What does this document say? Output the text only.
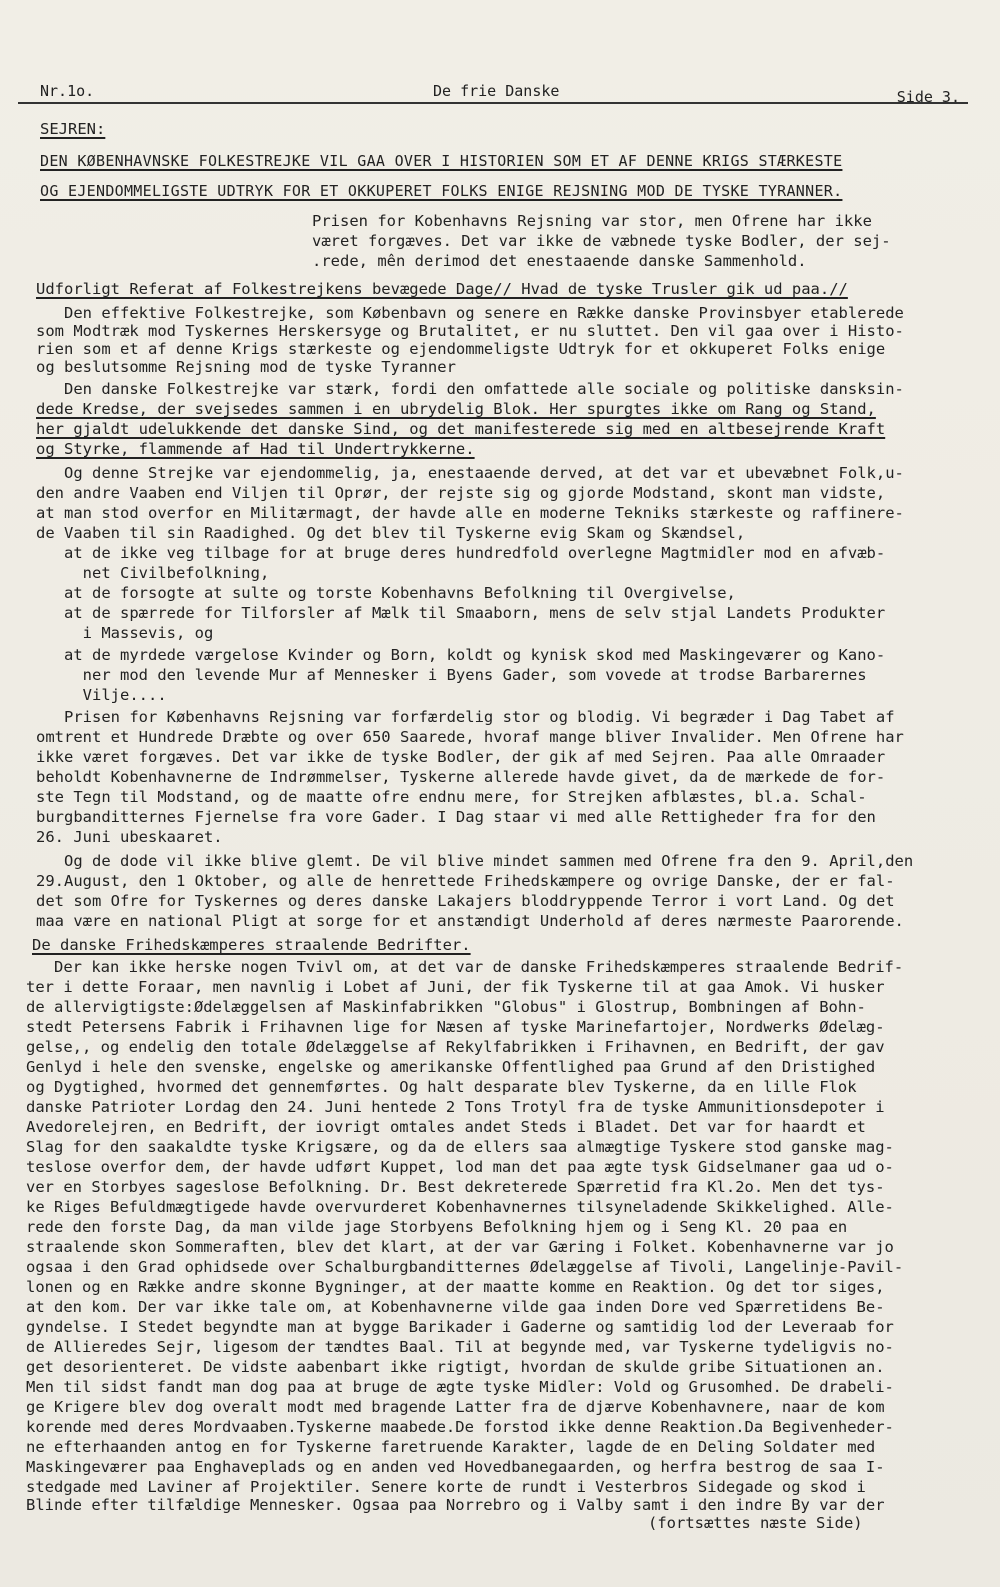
Nr.1o.	De frie Danske	Side 3.
SEJREN:
DEN KØBENHAVNSKE FOLKESTREJKE VIL GAA OVER I HISTORIEN SOM ET AF DENNE KRIGS STÆRKESTE
OG EJENDOMMELIGSTE UDTRYK FOR ET OKKUPERET FOLKS ENIGE REJSNING MOD DE TYSKE TYRANNER.
Prisen for Kobenhavns Rejsning var stor, men Ofrene har ikke
været forgæves. Det var ikke de væbnede tyske Bodler, der sej-
.rede, mên derimod det enestaaende danske Sammenhold.
Udforligt Referat af Folkestrejkens bevægede Dage// Hvad de tyske Trusler gik ud paa.//
Den effektive Folkestrejke, som Købenbavn og senere en Række danske Provinsbyer etablerede
som Modtræk mod Tyskernes Herskersyge og Brutalitet, er nu sluttet. Den vil gaa over i Histo-
rien som et af denne Krigs stærkeste og ejendommeligste Udtryk for et okkuperet Folks enige
og beslutsomme Rejsning mod de tyske Tyranner
Den danske Folkestrejke var stærk, fordi den omfattede alle sociale og politiske dansksin-
dede Kredse, der svejsedes sammen i en ubrydelig Blok. Her spurgtes ikke om Rang og Stand,
her gjaldt udelukkende det danske Sind, og det manifesterede sig med en altbesejrende Kraft
og Styrke, flammende af Had til Undertrykkerne.
Og denne Strejke var ejendommelig, ja, enestaaende derved, at det var et ubevæbnet Folk,u-
den andre Vaaben end Viljen til Oprør, der rejste sig og gjorde Modstand, skont man vidste,
at man stod overfor en Militærmagt, der havde alle en moderne Tekniks stærkeste og raffinere-
de Vaaben til sin Raadighed. Og det blev til Tyskerne evig Skam og Skændsel,
at de ikke veg tilbage for at bruge deres hundredfold overlegne Magtmidler mod en afvæb-
net Civilbefolkning,
at de forsogte at sulte og torste Kobenhavns Befolkning til Overgivelse,
at de spærrede for Tilforsler af Mælk til Smaaborn, mens de selv stjal Landets Produkter
i Massevis, og
at de myrdede værgelose Kvinder og Born, koldt og kynisk skod med Maskingeværer og Kano-
ner mod den levende Mur af Mennesker i Byens Gader, som vovede at trodse Barbarernes
Vilje....
Prisen for Københavns Rejsning var forfærdelig stor og blodig. Vi begræder i Dag Tabet af
omtrent et Hundrede Dræbte og over 650 Saarede, hvoraf mange bliver Invalider. Men Ofrene har
ikke været forgæves. Det var ikke de tyske Bodler, der gik af med Sejren. Paa alle Omraader
beholdt Kobenhavnerne de Indrømmelser, Tyskerne allerede havde givet, da de mærkede de for-
ste Tegn til Modstand, og de maatte ofre endnu mere, for Strejken afblæstes, bl.a. Schal-
burgbanditternes Fjernelse fra vore Gader. I Dag staar vi med alle Rettigheder fra for den
26. Juni ubeskaaret.
Og de dode vil ikke blive glemt. De vil blive mindet sammen med Ofrene fra den 9. April,den
29.August, den 1 Oktober, og alle de henrettede Frihedskæmpere og ovrige Danske, der er fal-
det som Ofre for Tyskernes og deres danske Lakajers bloddryppende Terror i vort Land. Og det
maa være en national Pligt at sorge for et anstændigt Underhold af deres nærmeste Paarorende.
De danske Frihedskæmperes straalende Bedrifter.
Der kan ikke herske nogen Tvivl om, at det var de danske Frihedskæmperes straalende Bedrif-
ter i dette Foraar, men navnlig i Lobet af Juni, der fik Tyskerne til at gaa Amok. Vi husker
de allervigtigste:Ødelæggelsen af Maskinfabrikken "Globus" i Glostrup, Bombningen af Bohn-
stedt Petersens Fabrik i Frihavnen lige for Næsen af tyske Marinefartojer, Nordwerks Ødelæg-
gelse,, og endelig den totale Ødelæggelse af Rekylfabrikken i Frihavnen, en Bedrift, der gav
Genlyd i hele den svenske, engelske og amerikanske Offentlighed paa Grund af den Dristighed
og Dygtighed, hvormed det gennemførtes. Og halt desparate blev Tyskerne, da en lille Flok
danske Patrioter Lordag den 24. Juni hentede 2 Tons Trotyl fra de tyske Ammunitionsdepoter i
Avedorelejren, en Bedrift, der iovrigt omtales andet Steds i Bladet. Det var for haardt et
Slag for den saakaldte tyske Krigsære, og da de ellers saa almægtige Tyskere stod ganske mag-
teslose overfor dem, der havde udført Kuppet, lod man det paa ægte tysk Gidselmaner gaa ud o-
ver en Storbyes sageslose Befolkning. Dr. Best dekreterede Spærretid fra Kl.2o. Men det tys-
ke Riges Befuldmægtigede havde overvurderet Kobenhavnernes tilsyneladende Skikkelighed. Alle-
rede den forste Dag, da man vilde jage Storbyens Befolkning hjem og i Seng Kl. 20 paa en
straalende skon Sommeraften, blev det klart, at der var Gæring i Folket. Kobenhavnerne var jo
ogsaa i den Grad ophidsede over Schalburgbanditternes Ødelæggelse af Tivoli, Langelinje-Pavil-
lonen og en Række andre skonne Bygninger, at der maatte komme en Reaktion. Og det tor siges,
at den kom. Der var ikke tale om, at Kobenhavnerne vilde gaa inden Dore ved Spærretidens Be-
gyndelse. I Stedet begyndte man at bygge Barikader i Gaderne og samtidig lod der Leveraab for
de Allieredes Sejr, ligesom der tændtes Baal. Til at begynde med, var Tyskerne tydeligvis no-
get desorienteret. De vidste aabenbart ikke rigtigt, hvordan de skulde gribe Situationen an.
Men til sidst fandt man dog paa at bruge de ægte tyske Midler: Vold og Grusomhed. De drabeli-
ge Krigere blev dog overalt modt med bragende Latter fra de djærve Kobenhavnere, naar de kom
korende med deres Mordvaaben.Tyskerne maabede.De forstod ikke denne Reaktion.Da Begivenheder-
ne efterhaanden antog en for Tyskerne faretruende Karakter, lagde de en Deling Soldater med
Maskingeværer paa Enghaveplads og en anden ved Hovedbanegaarden, og herfra bestrog de saa I-
stedgade med Laviner af Projektiler. Senere korte de rundt i Vesterbros Sidegade og skod i
Blinde efter tilfældige Mennesker. Ogsaa paa Norrebro og i Valby samt i den indre By var der
(fortsættes næste Side)
